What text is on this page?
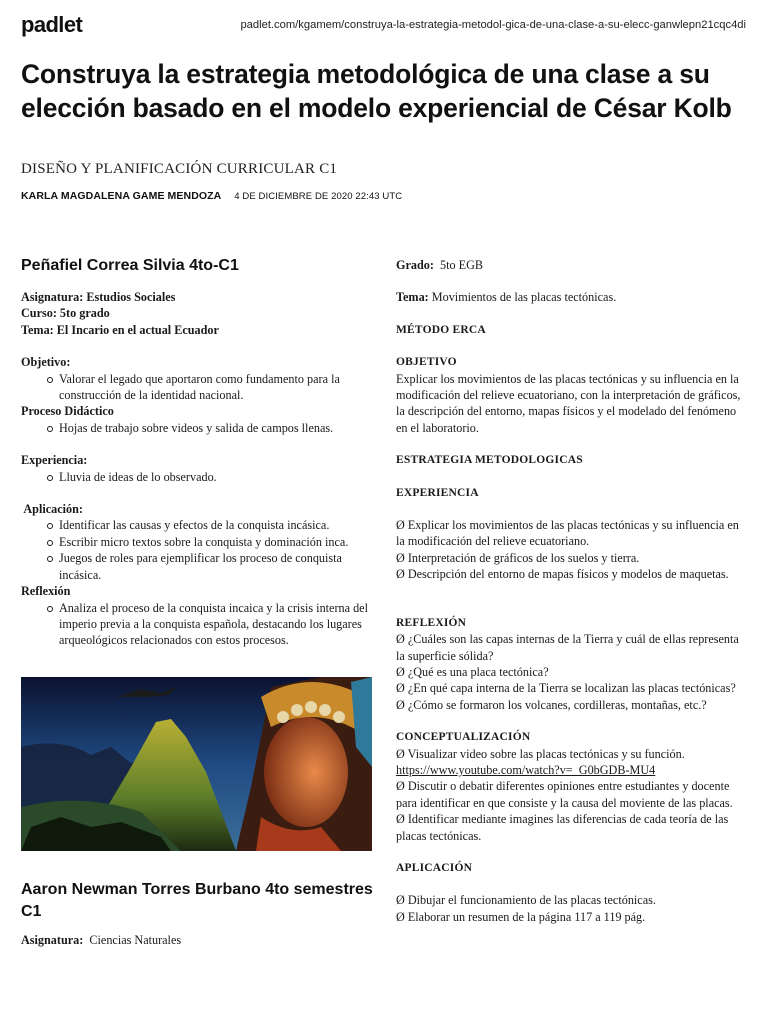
padlet	padlet.com/kgamem/construya-la-estrategia-metodol-gica-de-una-clase-a-su-elecc-ganwlepn21cqc4di
Construya la estrategia metodológica de una clase a su elección basado en el modelo experiencial de César Kolb
DISEÑO Y PLANIFICACIÓN CURRICULAR C1
KARLA MAGDALENA GAME MENDOZA 4 DE DICIEMBRE DE 2020 22:43 UTC
Peñafiel Correa Silvia 4to-C1
Asignatura: Estudios Sociales
Curso: 5to grado
Tema: El Incario en el actual Ecuador
Objetivo:
Valorar el legado que aportaron como fundamento para la construcción de la identidad nacional.
Proceso Didáctico
Hojas de trabajo sobre videos y salida de campos llenas.
Experiencia:
Lluvia de ideas de lo observado.
Aplicación:
Identificar las causas y efectos de la conquista incásica.
Escribir micro textos sobre la conquista y dominación inca.
Juegos de roles para ejemplificar los proceso de conquista incásica.
Reflexión
Analiza el proceso de la conquista incaica y la crisis interna del imperio previa a la conquista española, destacando los lugares arqueológicos relacionados con estos procesos.
Aaron Newman Torres Burbano 4to semestres C1
Asignatura:  Ciencias Naturales
Grado:  5to EGB
Tema: Movimientos de las placas tectónicas.
MÉTODO ERCA
OBJETIVO
Explicar los movimientos de las placas tectónicas y su influencia en la modificación del relieve ecuatoriano, con la interpretación de gráficos, la descripción del entorno, mapas físicos y el modelado del fenómeno en el laboratorio.
ESTRATEGIA METODOLOGICAS
EXPERIENCIA
Ø Explicar los movimientos de las placas tectónicas y su influencia en la modificación del relieve ecuatoriano.
Ø Interpretación de gráficos de los suelos y tierra.
Ø Descripción del entorno de mapas físicos y modelos de maquetas.
REFLEXIÓN
Ø ¿Cuáles son las capas internas de la Tierra y cuál de ellas representa la superficie sólida?
Ø ¿Qué es una placa tectónica?
Ø ¿En qué capa interna de la Tierra se localizan las placas tectónicas?
Ø ¿Cómo se formaron los volcanes, cordilleras, montañas, etc.?
CONCEPTUALIZACIÓN
Ø Visualizar video sobre las placas tectónicas y su función.
https://www.youtube.com/watch?v=_G0bGDB-MU4
Ø Discutir o debatir diferentes opiniones entre estudiantes y docente para identificar en que consiste y la causa del moviente de las placas.
Ø Identificar mediante imagines las diferencias de cada teoría de las placas tectónicas.
APLICACIÓN
Ø Dibujar el funcionamiento de las placas tectónicas.
Ø Elaborar un resumen de la página 117 a 119 pág.
